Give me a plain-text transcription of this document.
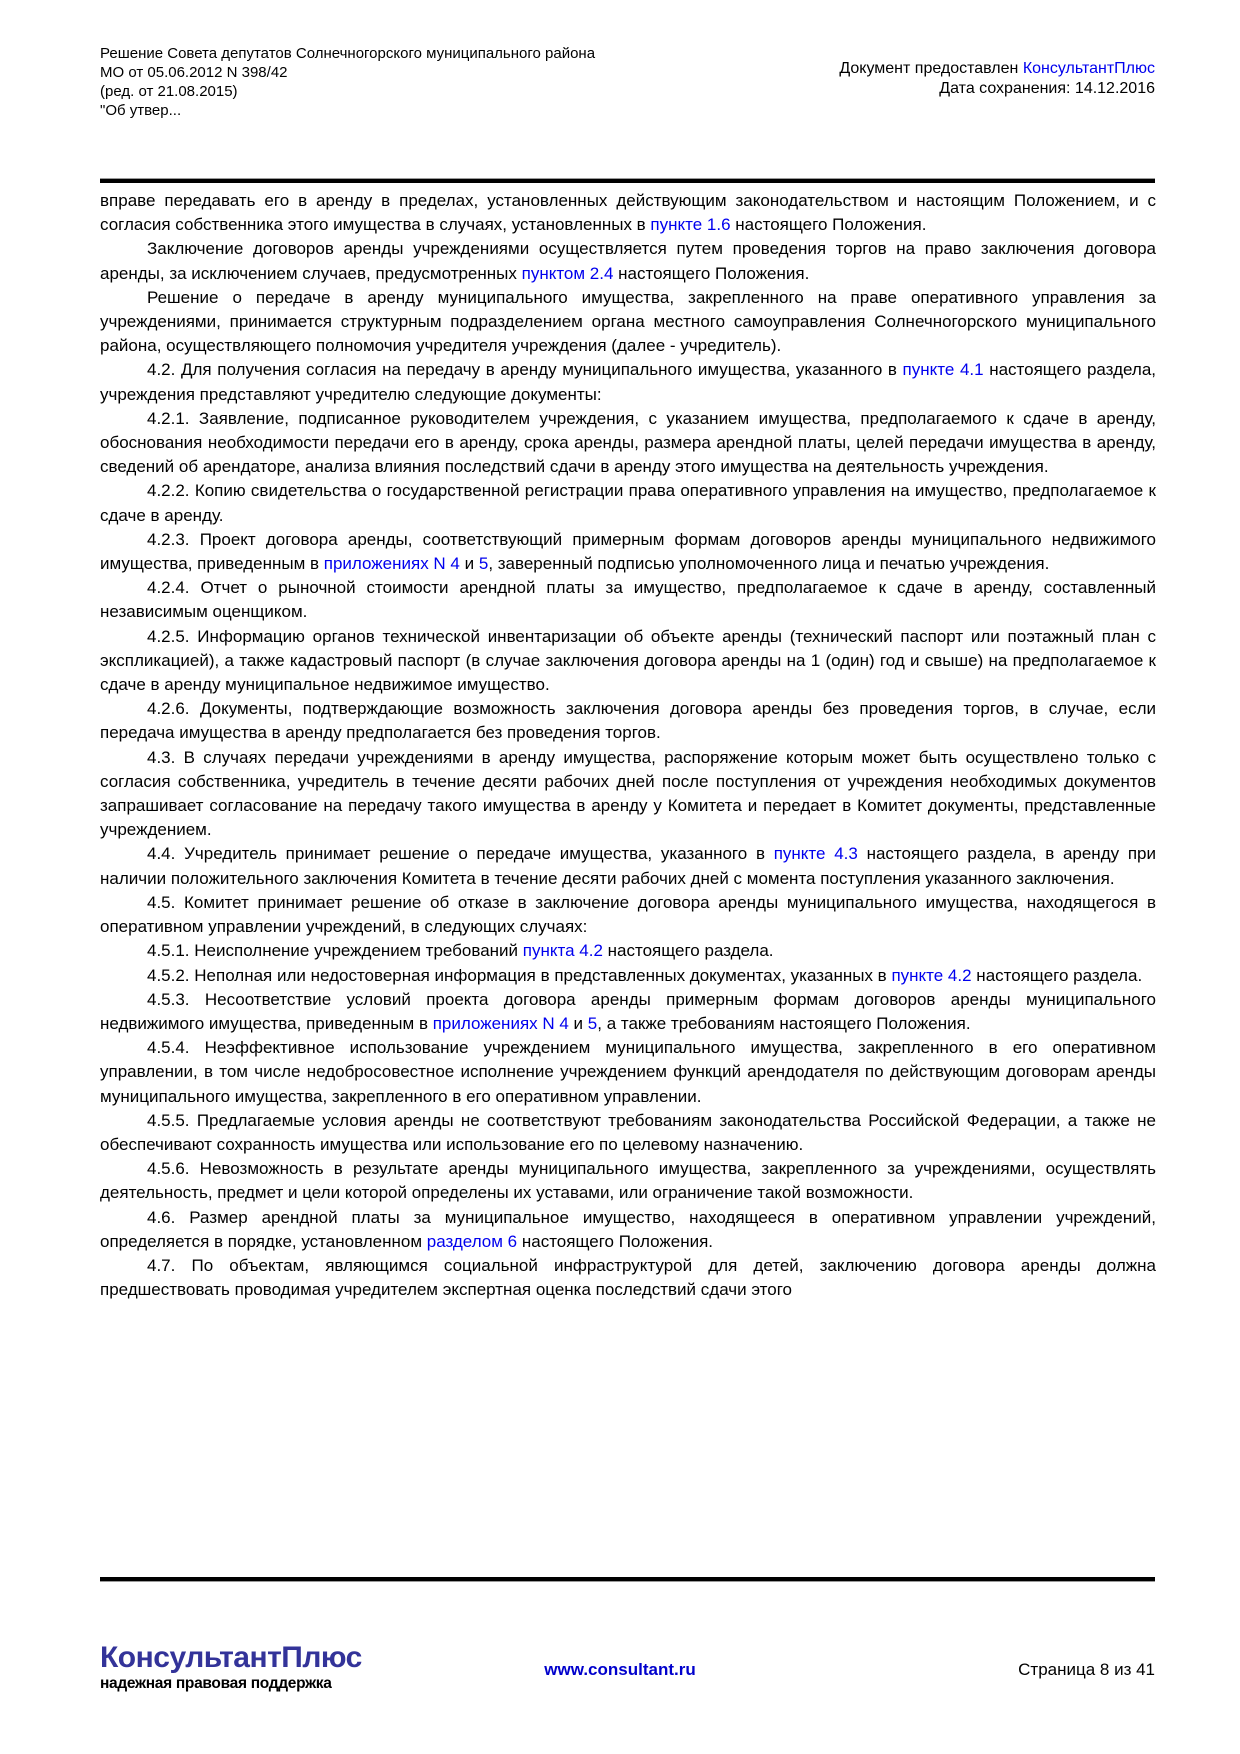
Решение Совета депутатов Солнечногорского муниципального района
МО от 05.06.2012 N 398/42
(ред. от 21.08.2015)
"Об утвер...
Документ предоставлен КонсультантПлюс
Дата сохранения: 14.12.2016

вправе передавать его в аренду в пределах, установленных действующим законодательством и настоящим Положением, и с согласия собственника этого имущества в случаях, установленных в пункте 1.6 настоящего Положения.

Заключение договоров аренды учреждениями осуществляется путем проведения торгов на право заключения договора аренды, за исключением случаев, предусмотренных пунктом 2.4 настоящего Положения.

Решение о передаче в аренду муниципального имущества, закрепленного на праве оперативного управления за учреждениями, принимается структурным подразделением органа местного самоуправления Солнечногорского муниципального района, осуществляющего полномочия учредителя учреждения (далее - учредитель).

4.2. Для получения согласия на передачу в аренду муниципального имущества, указанного в пункте 4.1 настоящего раздела, учреждения представляют учредителю следующие документы:

4.2.1. Заявление, подписанное руководителем учреждения, с указанием имущества, предполагаемого к сдаче в аренду, обоснования необходимости передачи его в аренду, срока аренды, размера арендной платы, целей передачи имущества в аренду, сведений об арендаторе, анализа влияния последствий сдачи в аренду этого имущества на деятельность учреждения.

4.2.2. Копию свидетельства о государственной регистрации права оперативного управления на имущество, предполагаемое к сдаче в аренду.

4.2.3. Проект договора аренды, соответствующий примерным формам договоров аренды муниципального недвижимого имущества, приведенным в приложениях N 4 и 5, заверенный подписью уполномоченного лица и печатью учреждения.

4.2.4. Отчет о рыночной стоимости арендной платы за имущество, предполагаемое к сдаче в аренду, составленный независимым оценщиком.

4.2.5. Информацию органов технической инвентаризации об объекте аренды (технический паспорт или поэтажный план с экспликацией), а также кадастровый паспорт (в случае заключения договора аренды на 1 (один) год и свыше) на предполагаемое к сдаче в аренду муниципальное недвижимое имущество.

4.2.6. Документы, подтверждающие возможность заключения договора аренды без проведения торгов, в случае, если передача имущества в аренду предполагается без проведения торгов.

4.3. В случаях передачи учреждениями в аренду имущества, распоряжение которым может быть осуществлено только с согласия собственника, учредитель в течение десяти рабочих дней после поступления от учреждения необходимых документов запрашивает согласование на передачу такого имущества в аренду у Комитета и передает в Комитет документы, представленные учреждением.

4.4. Учредитель принимает решение о передаче имущества, указанного в пункте 4.3 настоящего раздела, в аренду при наличии положительного заключения Комитета в течение десяти рабочих дней с момента поступления указанного заключения.

4.5. Комитет принимает решение об отказе в заключение договора аренды муниципального имущества, находящегося в оперативном управлении учреждений, в следующих случаях:

4.5.1. Неисполнение учреждением требований пункта 4.2 настоящего раздела.

4.5.2. Неполная или недостоверная информация в представленных документах, указанных в пункте 4.2 настоящего раздела.

4.5.3. Несоответствие условий проекта договора аренды примерным формам договоров аренды муниципального недвижимого имущества, приведенным в приложениях N 4 и 5, а также требованиям настоящего Положения.

4.5.4. Неэффективное использование учреждением муниципального имущества, закрепленного в его оперативном управлении, в том числе недобросовестное исполнение учреждением функций арендодателя по действующим договорам аренды муниципального имущества, закрепленного в его оперативном управлении.

4.5.5. Предлагаемые условия аренды не соответствуют требованиям законодательства Российской Федерации, а также не обеспечивают сохранность имущества или использование его по целевому назначению.

4.5.6. Невозможность в результате аренды муниципального имущества, закрепленного за учреждениями, осуществлять деятельность, предмет и цели которой определены их уставами, или ограничение такой возможности.

4.6. Размер арендной платы за муниципальное имущество, находящееся в оперативном управлении учреждений, определяется в порядке, установленном разделом 6 настоящего Положения.

4.7. По объектам, являющимся социальной инфраструктурой для детей, заключению договора аренды должна предшествовать проводимая учредителем экспертная оценка последствий сдачи этого

КонсультантПлюс
надежная правовая поддержка
www.consultant.ru	Страница 8 из 41
